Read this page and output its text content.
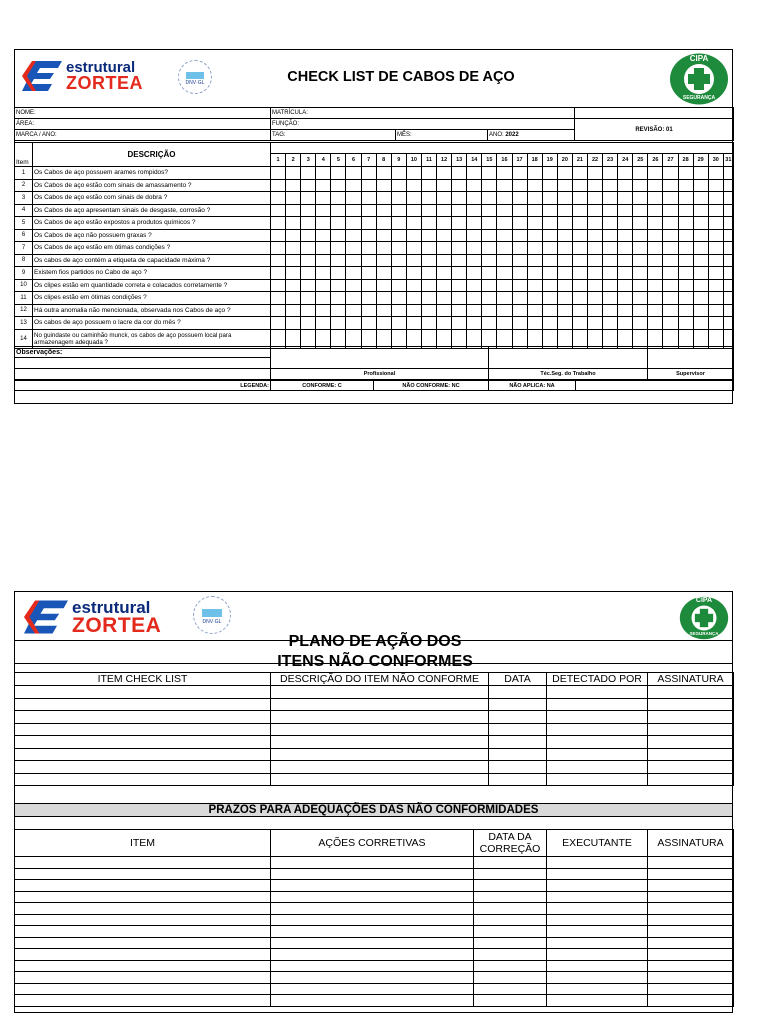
estrutural
ZORTEA	DNV·GL	CHECK LIST DE CABOS DE AÇO
CIPA
SEGURANÇA
NOME:	MATRÍCULA:			
ÁREA:	FUNÇÃO:			REVISÃO: 01
MARCA / ANO:	TAG:	MÊS:	ANO: 2022	
Item	DESCRIÇÃO																															
		1	2	3	4	5	6	7	8	9	10	11	12	13	14	15	16	17	18	19	20	21	22	23	24	25	26	27	28	29	30	31
1	Os Cabos de aço possuem arames rompidos?																															
2	Os Cabos de aço estão com sinais de amassamento ?																															
3	Os Cabos de aço estão com sinais de dobra ?																															
4	Os Cabos de aço apresentam sinais de desgaste, corrosão ?																															
5	Os Cabos de aço estão expostos a produtos químicos ?																															
6	Os Cabos de aço não possuem graxas ?																															
7	Os Cabos de aço estão em ótimas condições ?																															
8	Os cabos de aço contém a etiqueta de capacidade máxima ?																															
9	Existem fios partidos no Cabo de aço ?																															
10	Os clipes estão em quantidade correta e colacados corretamente ?																															
11	Os clipes estão em ótimas condições ?																															
12	Há outra anomalia não mencionada, observada nos Cabos de aço ?																															
13	Os cabos de aço possuem o lacre da cor do mês ?																															
14	No guindaste ou caminhão munck, os cabos de aço possuem local para armazenagem adequada ?																															
Observações:			

	Profissional	Téc.Seg. do Trabalho	Supervisor
LEGENDA:	CONFORME: C	NÃO CONFORME: NC	NÃO APLICA: NA	
estrutural
ZORTEA	DNV·GL
CIPA
SEGURANÇA
PLANO DE AÇÃO DOS
ITENS NÃO CONFORMES
ITEM CHECK LIST	DESCRIÇÃO DO ITEM NÃO CONFORME	DATA	DETECTADO POR	ASSINATURA

PRAZOS PARA ADEQUAÇÕES DAS NÃO CONFORMIDADES
ITEM	AÇÕES CORRETIVAS	DATA DA CORREÇÃO	EXECUTANTE	ASSINATURA
